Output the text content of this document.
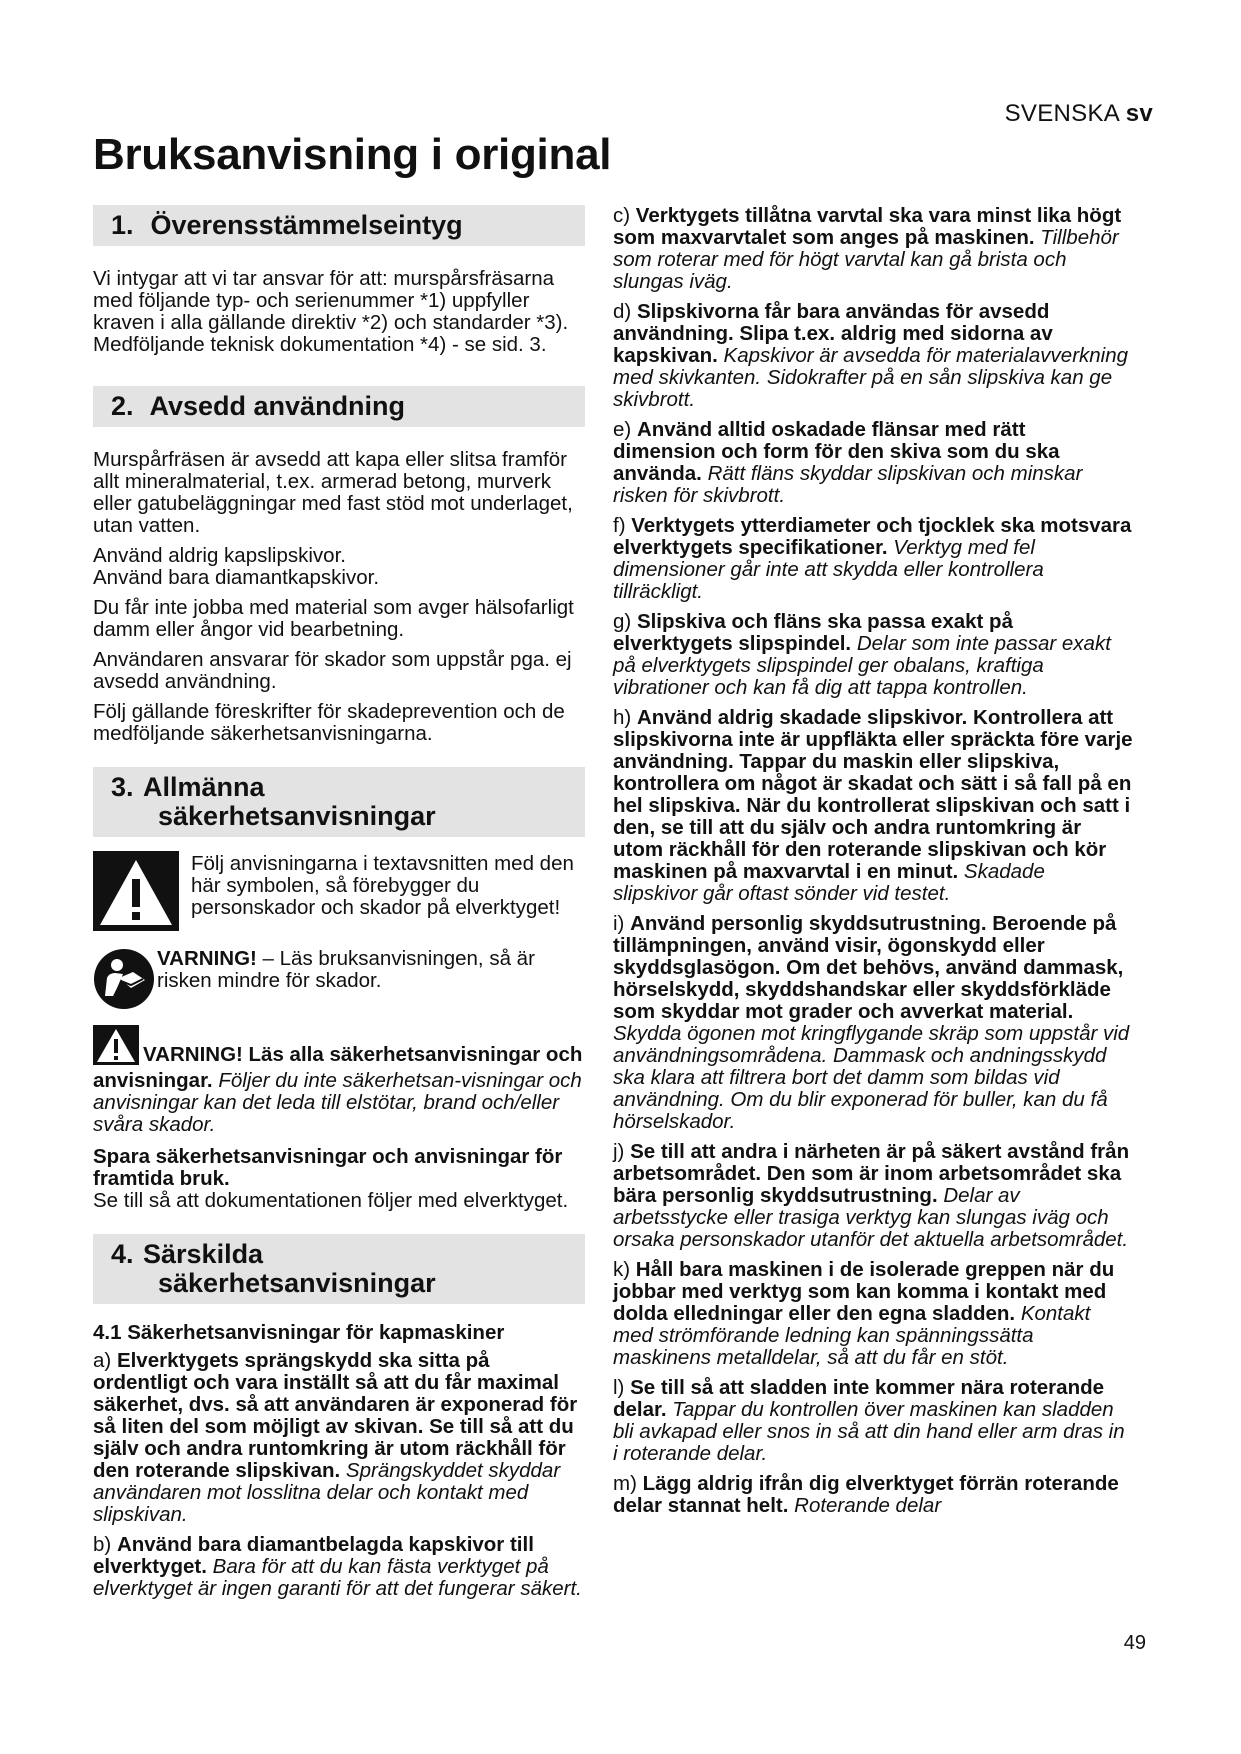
SVENSKA sv
Bruksanvisning i original
1. Överensstämmelseintyg

Vi intygar att vi tar ansvar för att: murspårsfräsarna med följande typ- och serienummer *1) uppfyller kraven i alla gällande direktiv *2) och standarder *3). Medföljande teknisk dokumentation *4) - se sid. 3.

2. Avsedd användning

Murspårfräsen är avsedd att kapa eller slitsa framför allt mineralmaterial, t.ex. armerad betong, murverk eller gatubeläggningar med fast stöd mot underlaget, utan vatten.

Använd aldrig kapslipskivor.
Använd bara diamantkapskivor.

Du får inte jobba med material som avger hälsofarligt damm eller ångor vid bearbetning.

Användaren ansvarar för skador som uppstår pga. ej avsedd användning.

Följ gällande föreskrifter för skadeprevention och de medföljande säkerhetsanvisningarna.

3. Allmänna
säkerhetsanvisningar

Följ anvisningarna i textavsnitten med den här symbolen, så förebygger du personskador och skador på elverktyget!

VARNING! – Läs bruksanvisningen, så är risken mindre för skador.

VARNING! Läs alla säkerhetsanvisningar och anvisningar. Följer du inte säkerhetsan-visningar och anvisningar kan det leda till elstötar, brand och/eller svåra skador.

Spara säkerhetsanvisningar och anvisningar för framtida bruk.
Se till så att dokumentationen följer med elverktyget.

4. Särskilda
säkerhetsanvisningar
4.1 Säkerhetsanvisningar för kapmaskiner

a) Elverktygets sprängskydd ska sitta på ordentligt och vara inställt så att du får maximal säkerhet, dvs. så att användaren är exponerad för så liten del som möjligt av skivan. Se till så att du själv och andra runtomkring är utom räckhåll för den roterande slipskivan. Sprängskyddet skyddar användaren mot losslitna delar och kontakt med slipskivan.

b) Använd bara diamantbelagda kapskivor till elverktyget. Bara för att du kan fästa verktyget på elverktyget är ingen garanti för att det fungerar säkert.

c) Verktygets tillåtna varvtal ska vara minst lika högt som maxvarvtalet som anges på maskinen. Tillbehör som roterar med för högt varvtal kan gå brista och slungas iväg.

d) Slipskivorna får bara användas för avsedd användning. Slipa t.ex. aldrig med sidorna av kapskivan. Kapskivor är avsedda för materialavverkning med skivkanten. Sidokrafter på en sån slipskiva kan ge skivbrott.

e) Använd alltid oskadade flänsar med rätt dimension och form för den skiva som du ska använda. Rätt fläns skyddar slipskivan och minskar risken för skivbrott.

f) Verktygets ytterdiameter och tjocklek ska motsvara elverktygets specifikationer. Verktyg med fel dimensioner går inte att skydda eller kontrollera tillräckligt.

g) Slipskiva och fläns ska passa exakt på elverktygets slipspindel. Delar som inte passar exakt på elverktygets slipspindel ger obalans, kraftiga vibrationer och kan få dig att tappa kontrollen.

h) Använd aldrig skadade slipskivor. Kontrollera att slipskivorna inte är uppfläkta eller spräckta före varje användning. Tappar du maskin eller slipskiva, kontrollera om något är skadat och sätt i så fall på en hel slipskiva. När du kontrollerat slipskivan och satt i den, se till att du själv och andra runtomkring är utom räckhåll för den roterande slipskivan och kör maskinen på maxvarvtal i en minut. Skadade slipskivor går oftast sönder vid testet.

i) Använd personlig skyddsutrustning. Beroende på tillämpningen, använd visir, ögonskydd eller skyddsglasögon. Om det behövs, använd dammask, hörselskydd, skyddshandskar eller skyddsförkläde som skyddar mot grader och avverkat material. Skydda ögonen mot kringflygande skräp som uppstår vid användningsområdena. Dammask och andningsskydd ska klara att filtrera bort det damm som bildas vid användning. Om du blir exponerad för buller, kan du få hörselskador.

j) Se till att andra i närheten är på säkert avstånd från arbetsområdet. Den som är inom arbetsområdet ska bära personlig skyddsutrustning. Delar av arbetsstycke eller trasiga verktyg kan slungas iväg och orsaka personskador utanför det aktuella arbetsområdet.

k) Håll bara maskinen i de isolerade greppen när du jobbar med verktyg som kan komma i kontakt med dolda elledningar eller den egna sladden. Kontakt med strömförande ledning kan spänningssätta maskinens metalldelar, så att du får en stöt.

l) Se till så att sladden inte kommer nära roterande delar. Tappar du kontrollen över maskinen kan sladden bli avkapad eller snos in så att din hand eller arm dras in i roterande delar.

m) Lägg aldrig ifrån dig elverktyget förrän roterande delar stannat helt. Roterande delar

49
